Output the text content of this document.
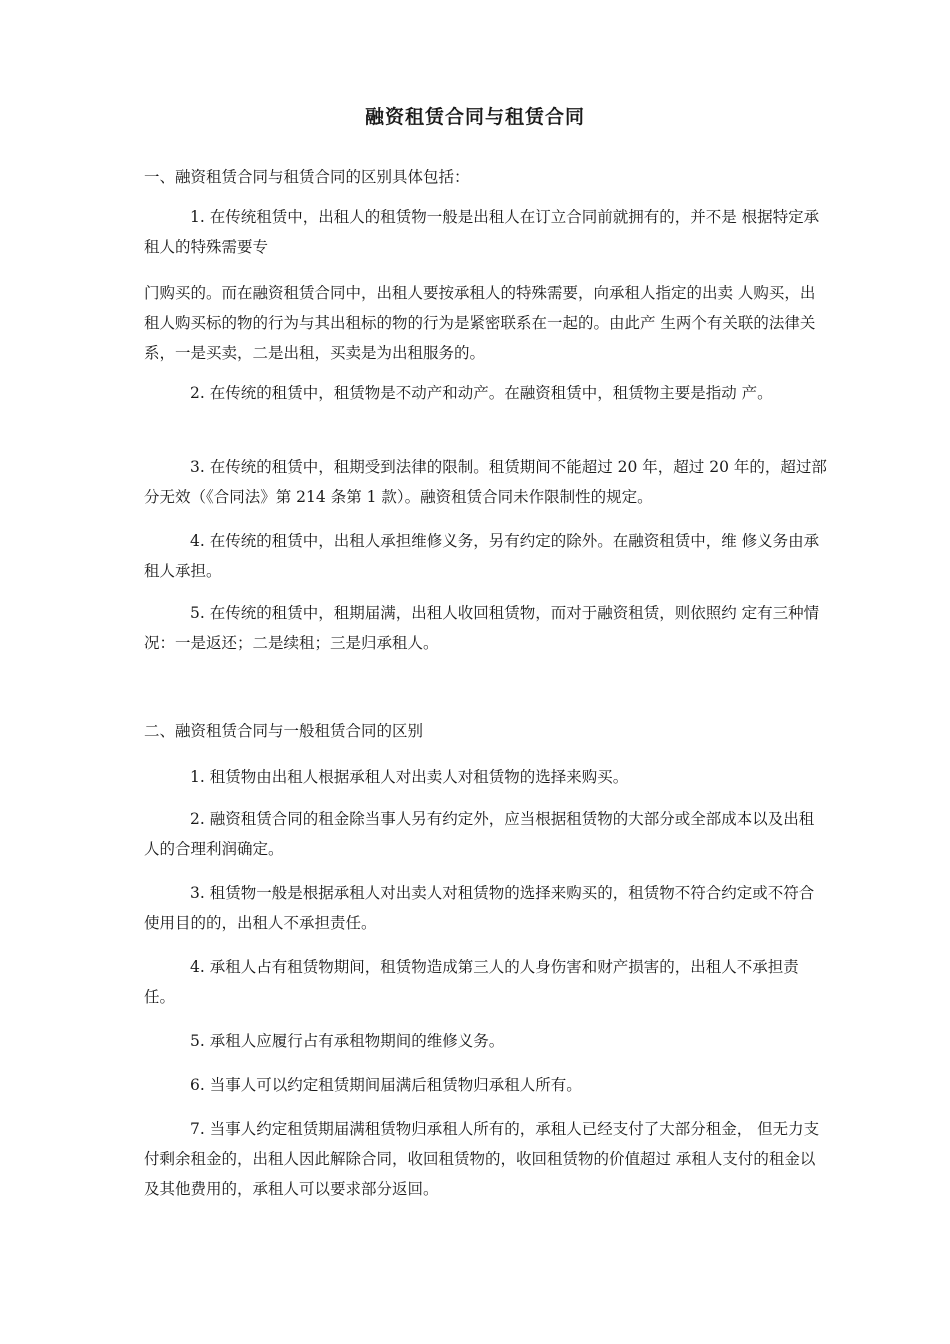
融资租赁合同与租赁合同

一、融资租赁合同与租赁合同的区别具体包括：

1. 在传统租赁中，出租人的租赁物一般是出租人在订立合同前就拥有的，并不是 根据特定承租人的特殊需要专

门购买的。而在融资租赁合同中，出租人要按承租人的特殊需要，向承租人指定的出卖 人购买，出租人购买标的物的行为与其出租标的物的行为是紧密联系在一起的。由此产 生两个有关联的法律关系，一是买卖，二是出租，买卖是为出租服务的。

2. 在传统的租赁中，租赁物是不动产和动产。在融资租赁中，租赁物主要是指动 产。

3. 在传统的租赁中，租期受到法律的限制。租赁期间不能超过 20 年，超过 20 年的，超过部分无效（《合同法》第 214 条第 1 款）。融资租赁合同未作限制性的规定。

4. 在传统的租赁中，出租人承担维修义务，另有约定的除外。在融资租赁中，维 修义务由承租人承担。

5. 在传统的租赁中，租期届满，出租人收回租赁物，而对于融资租赁，则依照约 定有三种情况：一是返还；二是续租；三是归承租人。

二、融资租赁合同与一般租赁合同的区别

1. 租赁物由出租人根据承租人对出卖人对租赁物的选择来购买。

2. 融资租赁合同的租金除当事人另有约定外，应当根据租赁物的大部分或全部成本以及出租人的合理利润确定。

3. 租赁物一般是根据承租人对出卖人对租赁物的选择来购买的，租赁物不符合约定或不符合使用目的的，出租人不承担责任。

4. 承租人占有租赁物期间，租赁物造成第三人的人身伤害和财产损害的，出租人不承担责任。

5. 承租人应履行占有承租物期间的维修义务。

6. 当事人可以约定租赁期间届满后租赁物归承租人所有。

7. 当事人约定租赁期届满租赁物归承租人所有的，承租人已经支付了大部分租金， 但无力支付剩余租金的，出租人因此解除合同，收回租赁物的，收回租赁物的价值超过 承租人支付的租金以及其他费用的，承租人可以要求部分返回。
